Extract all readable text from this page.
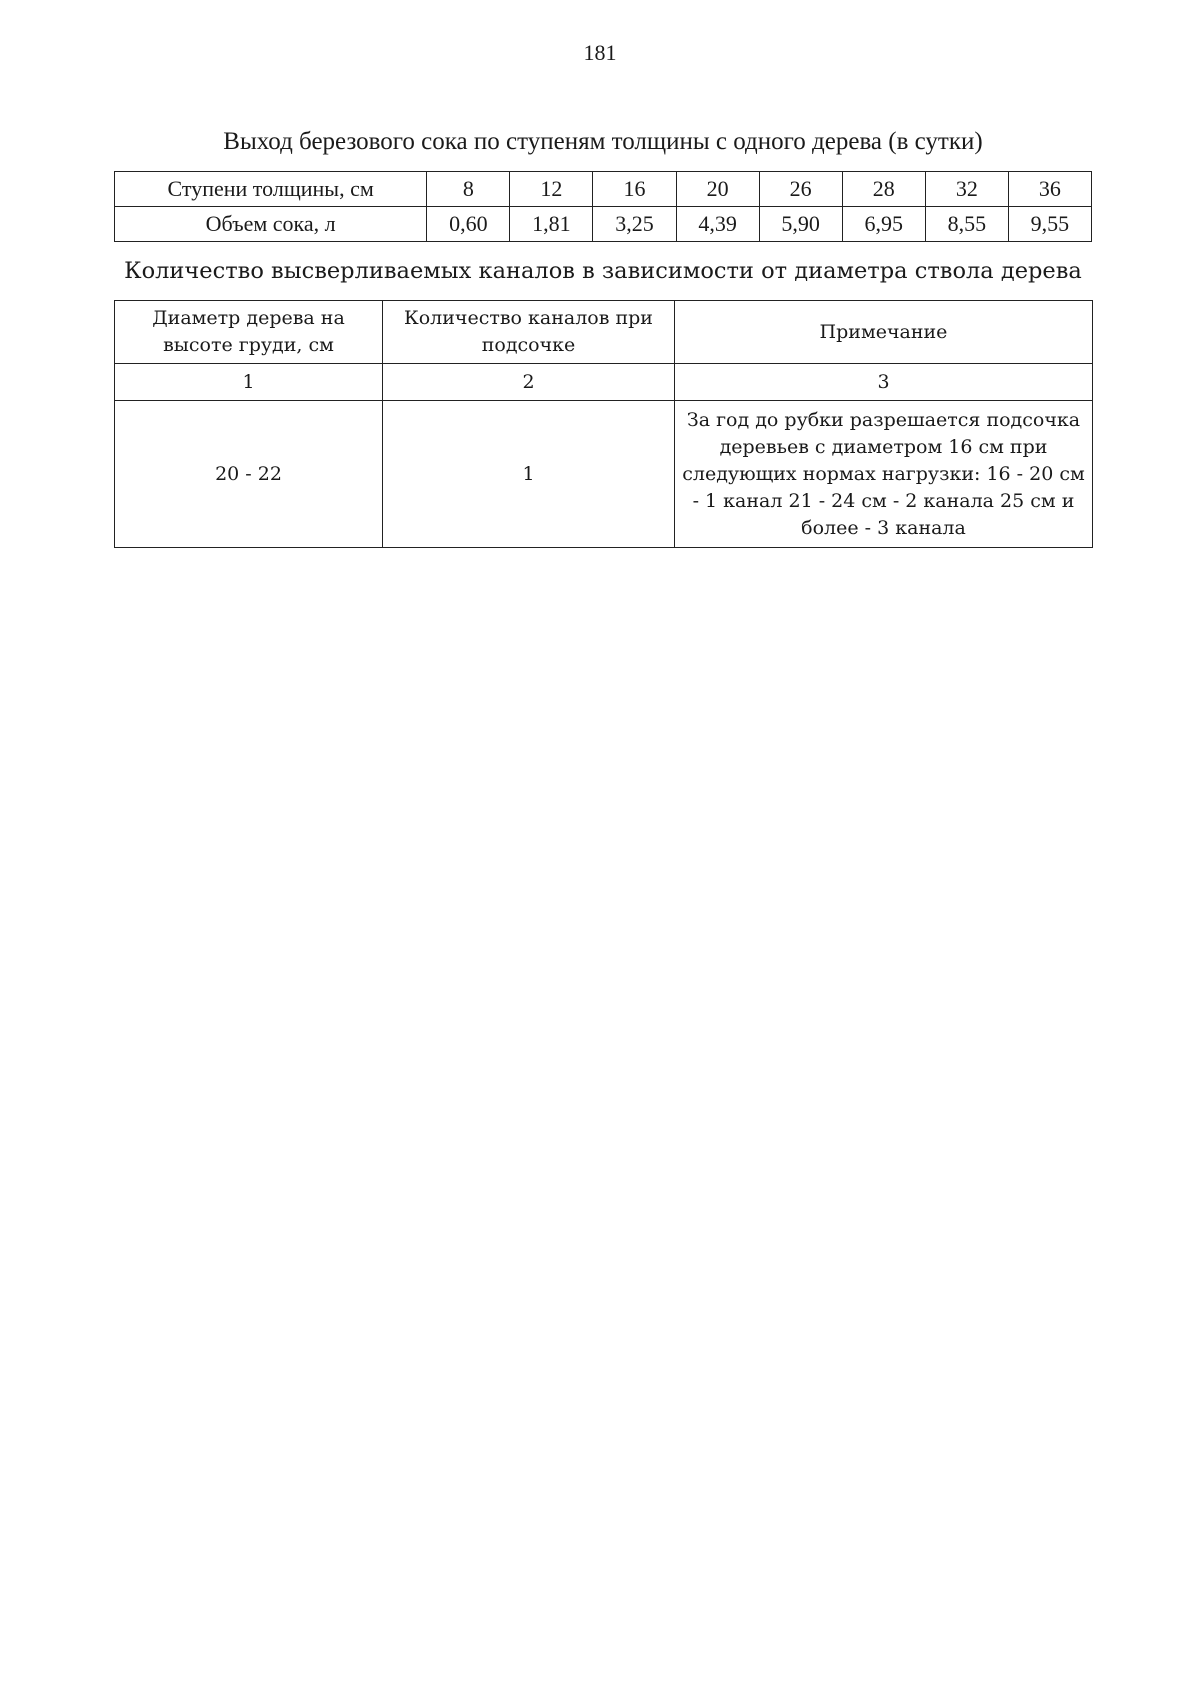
181
Выход березового сока по ступеням толщины с одного дерева (в сутки)
Ступени толщины, см	8	12	16	20	26	28	32	36
Объем сока, л	0,60	1,81	3,25	4,39	5,90	6,95	8,55	9,55
Количество высверливаемых каналов в зависимости от диаметра ствола дерева
Диаметр дерева на высоте груди, см	Количество каналов при подсочке	Примечание
1	2	3
20 - 22	1	За год до рубки разрешается подсочка деревьев с диаметром 16 см при следующих нормах нагрузки: 16 - 20 см - 1 канал 21 - 24 см - 2 канала 25 см и более - 3 канала
